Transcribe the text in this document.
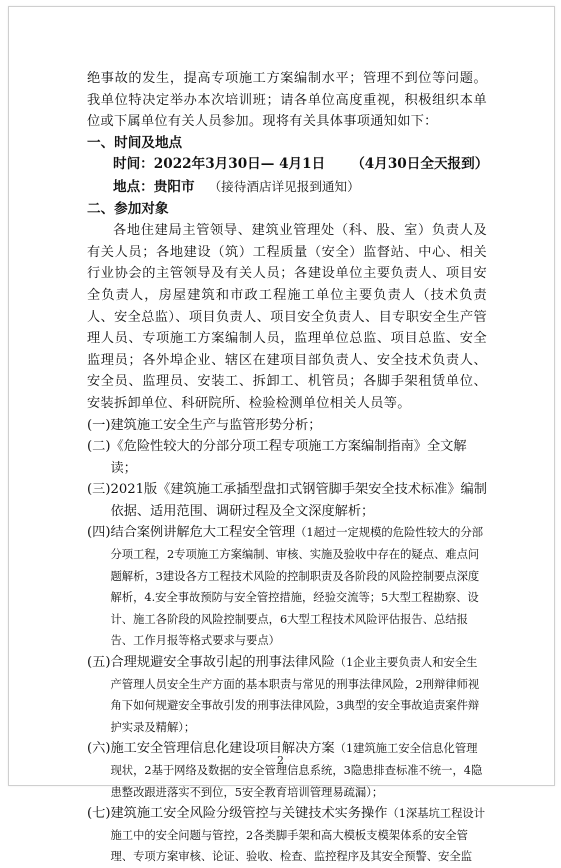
绝事故的发生，提高专项施工方案编制水平；管理不到位等问题。我单位特决定举办本次培训班；请各单位高度重视，积极组织本单位或下属单位有关人员参加。现将有关具体事项通知如下：

一、时间及地点

时间：2022年3月30日— 4月1日 （4月30日全天报到）

地点：贵阳市 （接待酒店详见报到通知）

二、参加对象

各地住建局主管领导、建筑业管理处（科、股、室）负责人及有关人员；各地建设（筑）工程质量（安全）监督站、中心、相关行业协会的主管领导及有关人员；各建设单位主要负责人、项目安全负责人，房屋建筑和市政工程施工单位主要负责人（技术负责人、安全总监）、项目负责人、项目安全负责人、目专职安全生产管理人员、专项施工方案编制人员，监理单位总监、项目总监、安全监理员；各外埠企业、辖区在建项目部负责人、安全技术负责人、安全员、监理员、安装工、拆卸工、机管员；各脚手架租赁单位、安装拆卸单位、科研院所、检验检测单位相关人员等。

(一) 建筑施工安全生产与监管形势分析；
(二) 《危险性较大的分部分项工程专项施工方案编制指南》全文解读；
(三) 2021版《建筑施工承插型盘扣式钢管脚手架安全技术标准》编制依据、适用范围、调研过程及全文深度解析；
(四) 结合案例讲解危大工程安全管理（1超过一定规模的危险性较大的分部分项工程，2专项施工方案编制、审核、实施及验收中存在的疑点、难点问题解析，3建设各方工程技术风险的控制职责及各阶段的风险控制要点深度解析，4.安全事故预防与安全管控措施，经验交流等；5大型工程勘察、设计、施工各阶段的风险控制要点，6大型工程技术风险评估报告、总结报告、工作月报等格式要求与要点）
(五) 合理规避安全事故引起的刑事法律风险（1企业主要负责人和安全生产管理人员安全生产方面的基本职责与常见的刑事法律风险，2刑辩律师视角下如何规避安全事故引发的刑事法律风险，3典型的安全事故追责案件辩护实录及精解）；
(六) 施工安全管理信息化建设项目解决方案（1建筑施工安全信息化管理现状，2基于网络及数据的安全管理信息系统，3隐患排查标准不统一，4隐患整改跟进落实不到位，5安全教育培训管理易疏漏）；
(七) 建筑施工安全风险分级管控与关键技术实务操作（1深基坑工程设计施工中的安全问题与管控，2各类脚手架和高大模板支模架体系的安全管理、专项方案审核、论证、验收、检查、监控程序及其安全预警、安全监
2
